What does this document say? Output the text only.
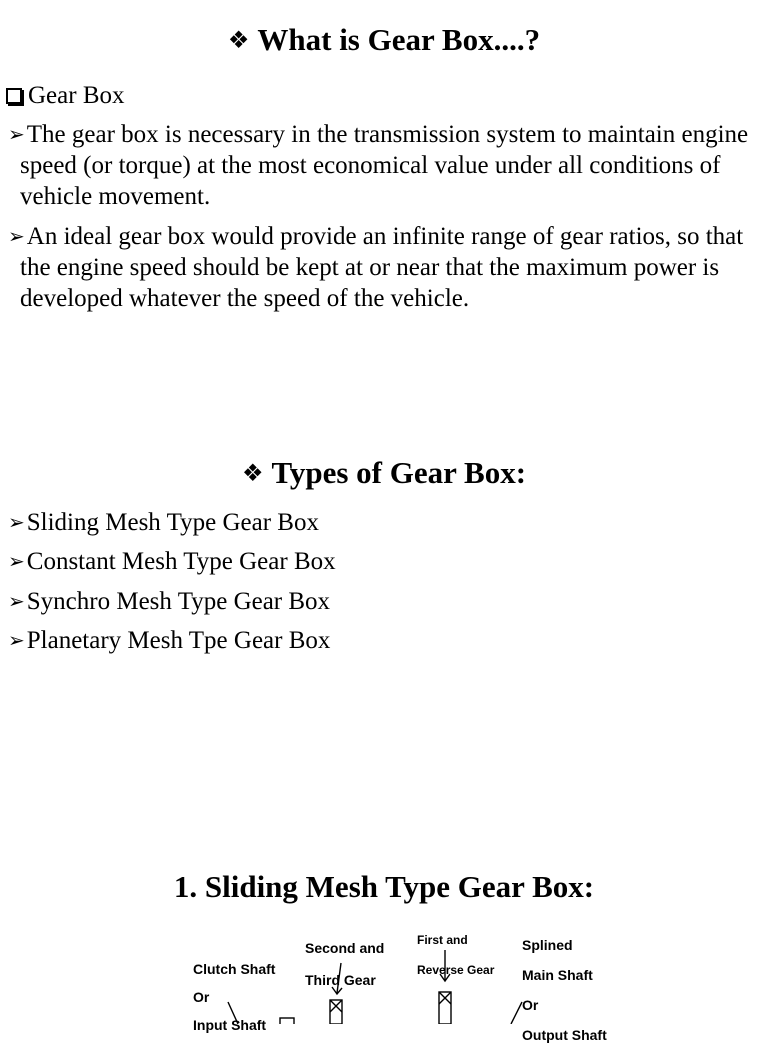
❖ What is Gear Box....?
Gear Box
➢The gear box is necessary in the transmission system to maintain engine speed (or torque) at the most economical value under all conditions of vehicle movement.
➢An ideal gear box would provide an infinite range of gear ratios, so that the engine speed should be kept at or near that the maximum power is developed whatever the speed of the vehicle.
❖ Types of Gear Box:
➢Sliding Mesh Type Gear Box
➢Constant Mesh Type Gear Box
➢Synchro Mesh Type Gear Box
➢Planetary Mesh Tpe Gear Box
1. Sliding Mesh Type Gear Box:

Clutch Shaft

Or

Input Shaft

Second and

Third Gear

First and

Reverse Gear

Splined

Main Shaft

Or

Output Shaft
